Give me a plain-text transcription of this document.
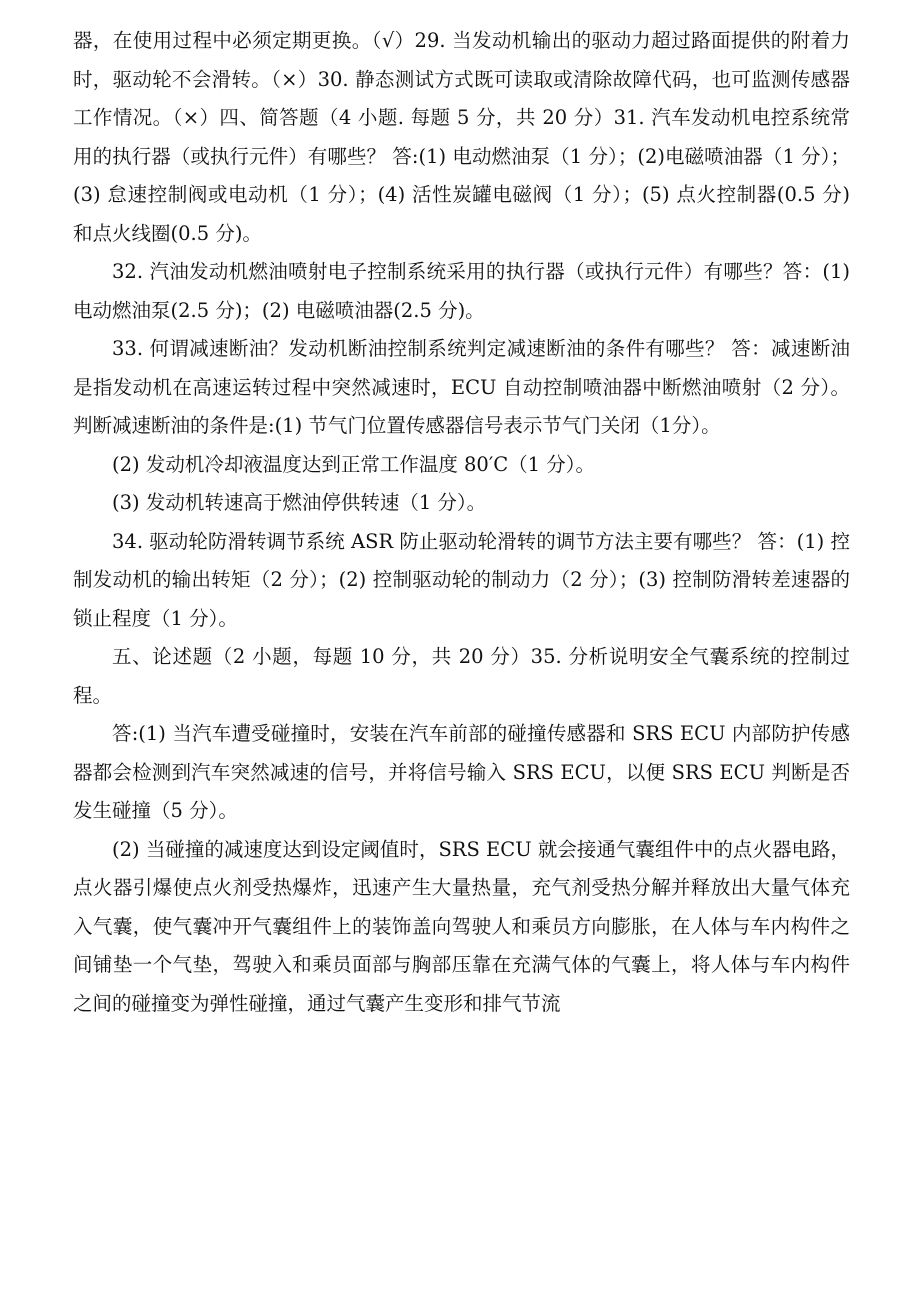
器，在使用过程中必须定期更换。（√）29. 当发动机输出的驱动力超过路面提供的附着力时，驱动轮不会滑转。（×）30. 静态测试方式既可读取或清除故障代码，也可监测传感器工作情况。（×）四、简答题（4 小题. 每题 5 分，共 20 分）31. 汽车发动机电控系统常用的执行器（或执行元件）有哪些？ 答:(1) 电动燃油泵（1 分）；(2)电磁喷油器（1 分）；(3) 怠速控制阀或电动机（1 分）；(4) 活性炭罐电磁阀（1 分）；(5) 点火控制器(0.5 分) 和点火线圈(0.5 分)。
32. 汽油发动机燃油喷射电子控制系统采用的执行器（或执行元件）有哪些？答：(1) 电动燃油泵(2.5 分)；(2) 电磁喷油器(2.5 分)。
33. 何谓减速断油？发动机断油控制系统判定减速断油的条件有哪些？ 答：减速断油是指发动机在高速运转过程中突然减速时，ECU 自动控制喷油器中断燃油喷射（2 分）。判断减速断油的条件是:(1) 节气门位置传感器信号表示节气门关闭（1分）。
(2) 发动机冷却液温度达到正常工作温度 80′C（1 分）。
(3) 发动机转速高于燃油停供转速（1 分）。
34. 驱动轮防滑转调节系统 ASR 防止驱动轮滑转的调节方法主要有哪些？ 答：(1) 控制发动机的输出转矩（2 分）；(2) 控制驱动轮的制动力（2 分）；(3) 控制防滑转差速器的锁止程度（1 分）。
五、论述题（2 小题，每题 10 分，共 20 分）35. 分析说明安全气囊系统的控制过程。
答:(1) 当汽车遭受碰撞时，安装在汽车前部的碰撞传感器和 SRS ECU 内部防护传感器都会检测到汽车突然减速的信号，并将信号输入 SRS ECU，以便 SRS ECU 判断是否发生碰撞（5 分）。
(2) 当碰撞的减速度达到设定阈值时，SRS ECU 就会接通气囊组件中的点火器电路，点火器引爆使点火剂受热爆炸，迅速产生大量热量，充气剂受热分解并释放出大量气体充入气囊，使气囊冲开气囊组件上的装饰盖向驾驶人和乘员方向膨胀，在人体与车内构件之间铺垫一个气垫，驾驶入和乘员面部与胸部压靠在充满气体的气囊上，将人体与车内构件之间的碰撞变为弹性碰撞，通过气囊产生变形和排气节流
